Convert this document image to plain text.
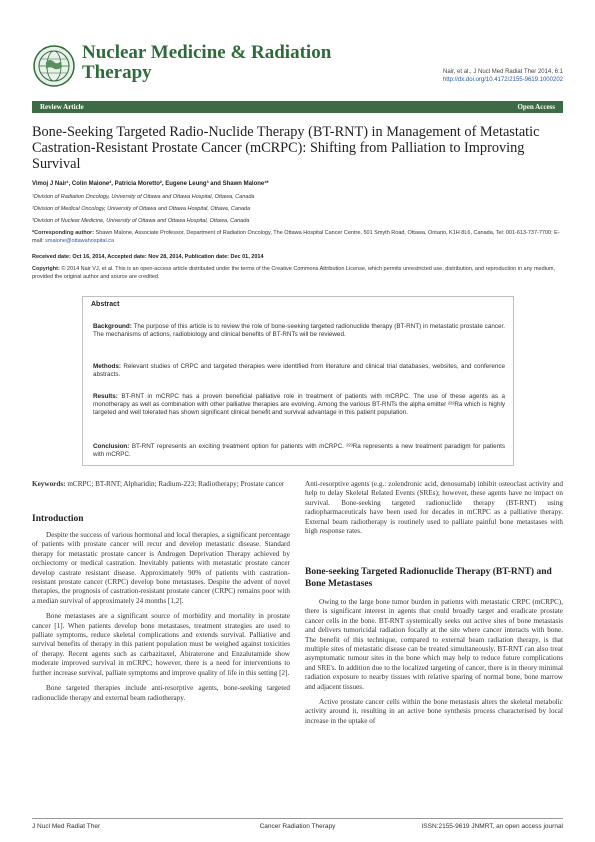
Nuclear Medicine & Radiation
Therapy	Nair, et al., J Nucl Med Radiat Ther 2014, 6:1
http://dx.doi.org/10.4172/2155-9619.1000202
Review Article	Open Access
Bone-Seeking Targeted Radio-Nuclide Therapy (BT-RNT) in Management of Metastatic Castration-Resistant Prostate Cancer (mCRPC): Shifting from Palliation to Improving Survival
Vimoj J Nair¹, Colin Malone², Patricia Moretto², Eugene Leung³ and Shawn Malone¹*
¹Division of Radiation Oncology, University of Ottawa and Ottawa Hospital, Ottawa, Canada
²Division of Medical Oncology, University of Ottawa and Ottawa Hospital, Ottawa, Canada
³Division of Nuclear Medicine, University of Ottawa and Ottawa Hospital, Ottawa, Canada
*Corresponding author: Shawn Malone, Associate Professor, Department of Radiation Oncology, The Ottawa Hospital Cancer Centre, 501 Smyth Road, Ottawa, Ontario, K1H 8L6, Canada, Tel: 001-613-737-7700; E-mail: smalone@ottawahospital.ca
Received date: Oct 16, 2014, Accepted date: Nov 28, 2014, Publication date: Dec 01, 2014
Copyright: © 2014 Nair VJ, et al. This is an open-access article distributed under the terms of the Creative Commons Attribution License, which permits unrestricted use, distribution, and reproduction in any medium, provided the original author and source are credited.
Abstract
Background: The purpose of this article is to review the role of bone-seeking targeted radionuclide therapy (BT-RNT) in metastatic prostate cancer. The mechanisms of actions, radiobiology and clinical benefits of BT-RNTs will be reviewed.
Methods: Relevant studies of CRPC and targeted therapies were identified from literature and clinical trial databases, websites, and conference abstracts.
Results: BT-RNT in mCRPC has a proven beneficial palliative role in treatment of patients with mCRPC. The use of these agents as a monotherapy as well as combination with other palliative therapies are evolving. Among the various BT-RNTs the alpha emitter ²²³Ra which is highly targeted and well tolerated has shown significant clinical benefit and survival advantage in this patient population.
Conclusion: BT-RNT represents an exciting treatment option for patients with mCRPC. ²²³Ra represents a new treatment paradigm for patients with mCRPC.
Keywords: mCRPC; BT-RNT; Alpharidin; Radium-223; Radiotherapy; Prostate cancer
Introduction

Despite the success of various hormonal and local therapies, a significant percentage of patients with prostate cancer will recur and develop metastatic disease. Standard therapy for metastatic prostate cancer is Androgen Deprivation Therapy achieved by orchiectomy or medical castration. Inevitably patients with metastatic prostate cancer develop castrate resistant disease. Approximately 90% of patients with castration-resistant prostate cancer (CRPC) develop bone metastases. Despite the advent of novel therapies, the prognosis of castration-resistant prostate cancer (CRPC) remains poor with a median survival of approximately 24 months [1,2].

Bone metastases are a significant source of morbidity and mortality in prostate cancer [1]. When patients develop bone metastases, treatment strategies are used to palliate symptoms, reduce skeletal complications and extends survival. Palliative and survival benefits of therapy in this patient population must be weighed against toxicities of therapy. Recent agents such as carbazitaxel, Abiraterone and Enzalutamide show moderate improved survival in mCRPC; however, there is a need for interventions to further increase survival, palliate symptoms and improve quality of life in this setting [2].

Bone targeted therapies include anti-resorptive agents, bone-seeking targeted radionuclide therapy and external beam radiotherapy.

Anti-resorptive agents (e.g.: zolendronic acid, denosumab) inhibit osteoclast activity and help to delay Skeletal Related Events (SREs); however, these agents have no impact on survival. Bone-seeking targeted radionuclide therapy (BT-RNT) using radiopharmaceuticals have been used for decades in mCRPC as a palliative therapy. External beam radiotherapy is routinely used to palliate painful bone metastases with high response rates.

Bone-seeking Targeted Radionuclide Therapy (BT-RNT) and Bone Metastases

Owing to the large bone tumor burden in patients with metastatic CRPC (mCRPC), there is significant interest in agents that could broadly target and eradicate prostate cancer cells in the bone. BT-RNT systemically seeks out active sites of bone metastasis and delivers tumoricidal radiation focally at the site where cancer interacts with bone. The benefit of this technique, compared to external beam radiation therapy, is that multiple sites of metastatic disease can be treated simultaneously. BT-RNT can also treat asymptomatic tumour sites in the bone which may help to reduce future complications and SRE's. In addition due to the localized targeting of cancer, there is in theory minimal radiation exposure to nearby tissues with relative sparing of normal bone, bone marrow and adjacent tissues.

Active prostate cancer cells within the bone metastasis alters the skeletal metabolic activity around it, resulting in an active bone synthesis process characterised by local increase in the uptake of

J Nucl Med Radiat Ther	Cancer Radiation Therapy	ISSN:2155-9619 JNMRT, an open access journal
